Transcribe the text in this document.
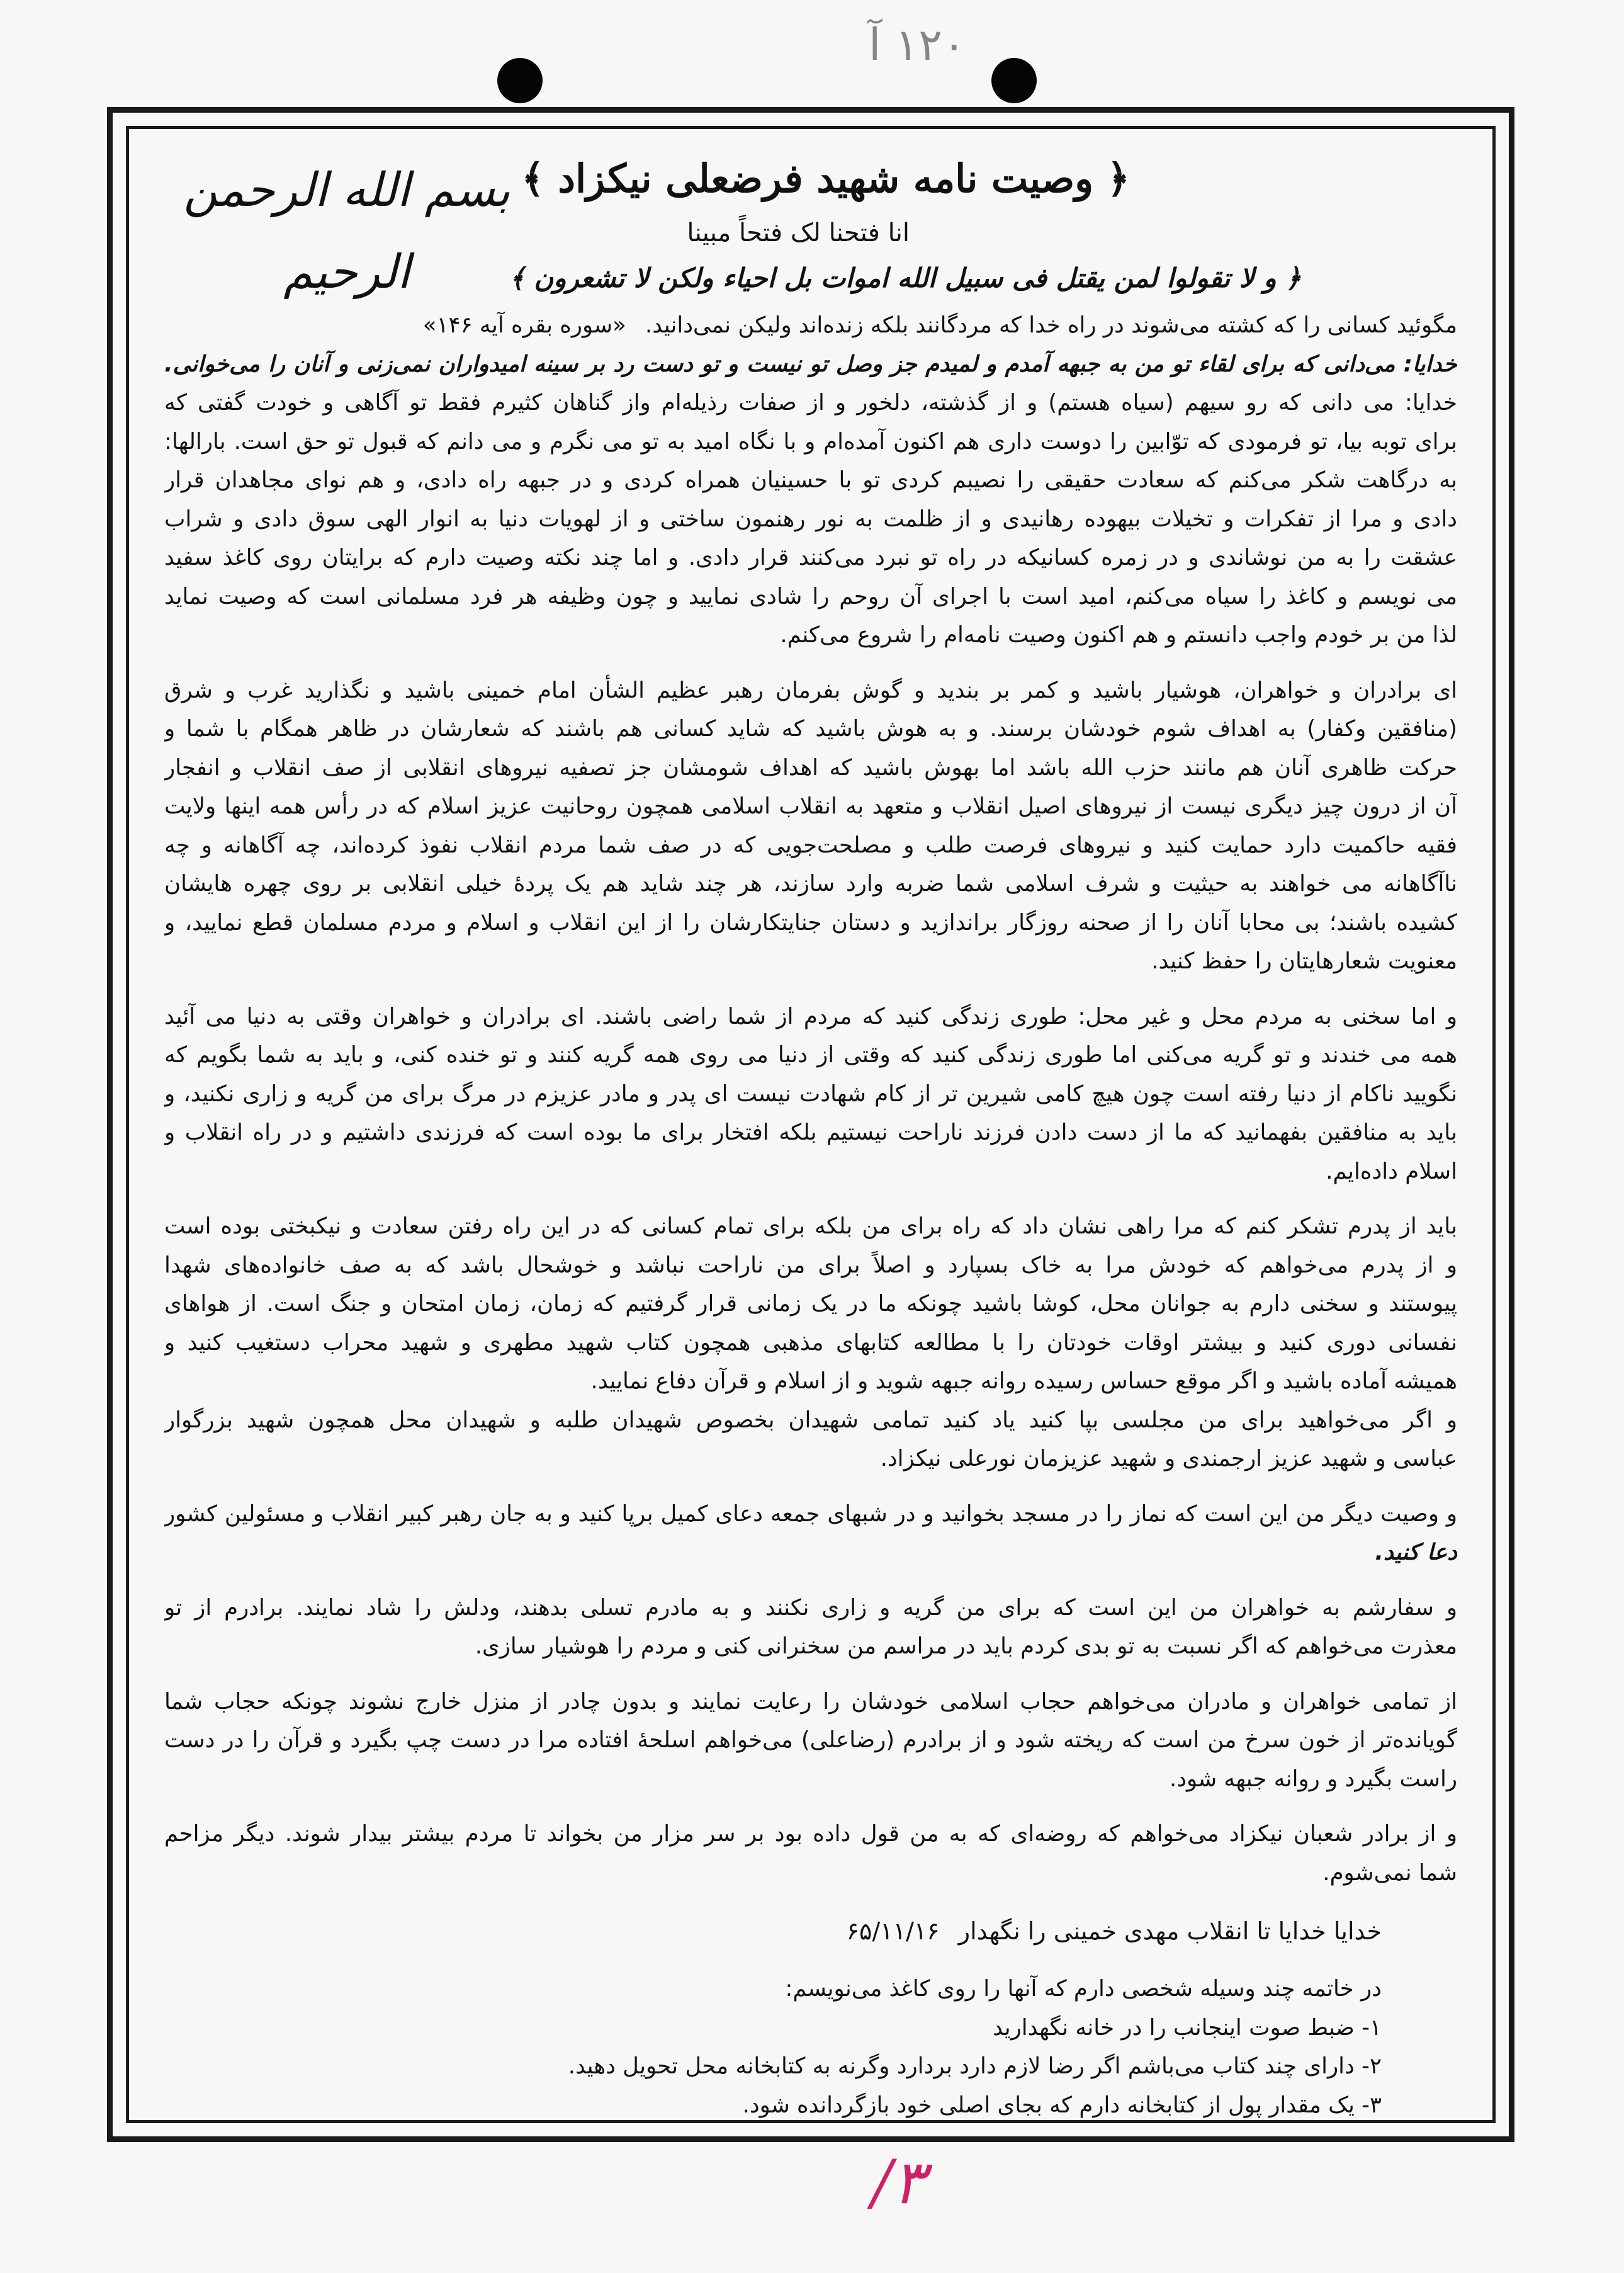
۱۲۰ آ
بسم الله الرحمن الرحیم
﴿ وصیت نامه شهید فرضعلی نیکزاد ﴾
انا فتحنا لک فتحاً مبینا
﴿ و لا تقولوا لمن یقتل فی سبیل الله اموات بل احیاء ولکن لا تشعرون ﴾
مگوئید کسانی را که کشته می‌شوند در راه خدا که مردگانند بلکه زنده‌اند ولیکن نمی‌دانید.«سوره بقره آیه ۱۴۶»
خدایا: می‌دانی که برای لقاء تو من به جبهه آمدم و لمیدم جز وصل تو نیست و تو دست رد بر سینه امیدواران نمی‌زنی و آنان را می‌خوانی.
خدایا: می دانی که رو سیهم (سیاه هستم) و از گذشته، دلخور و از صفات رذیله‌ام واز گناهان کثیرم فقط تو آگاهی و خودت گفتی که
برای توبه بیا، تو فرمودی که توّابین را دوست داری هم اکنون آمده‌ام و با نگاه امید به تو می نگرم و می دانم که قبول تو حق است. بارالها:
به درگاهت شکر می‌کنم که سعادت حقیقی را نصیبم کردی تو با حسینیان همراه کردی و در جبهه راه دادی، و هم نوای مجاهدان قرار
دادی و مرا از تفکرات و تخیلات بیهوده رهانیدی و از ظلمت به نور رهنمون ساختی و از لهویات دنیا به انوار الهی سوق دادی و شراب
عشقت را به من نوشاندی و در زمره کسانیکه در راه تو نبرد می‌کنند قرار دادی. و اما چند نکته وصیت دارم که برایتان روی کاغذ سفید
می نویسم و کاغذ را سیاه می‌کنم، امید است با اجرای آن روحم را شادی نمایید و چون وظیفه هر فرد مسلمانی است که وصیت نماید
لذا من بر خودم واجب دانستم و هم اکنون وصیت نامه‌ام را شروع می‌کنم.
ای برادران و خواهران، هوشیار باشید و کمر بر بندید و گوش بفرمان رهبر عظیم الشأن امام خمینی باشید و نگذارید غرب و شرق
(منافقین وکفار) به اهداف شوم خودشان برسند. و به هوش باشید که شاید کسانی هم باشند که شعارشان در ظاهر همگام با شما و
حرکت ظاهری آنان هم مانند حزب الله باشد اما بهوش باشید که اهداف شومشان جز تصفیه نیروهای انقلابی از صف انقلاب و انفجار
آن از درون چیز دیگری نیست از نیروهای اصیل انقلاب و متعهد به انقلاب اسلامی همچون روحانیت عزیز اسلام که در رأس همه اینها ولایت
فقیه حاکمیت دارد حمایت کنید و نیروهای فرصت طلب و مصلحت‌جویی که در صف شما مردم انقلاب نفوذ کرده‌اند، چه آگاهانه و چه
ناآگاهانه می خواهند به حیثیت و شرف اسلامی شما ضربه وارد سازند، هر چند شاید هم یک پردهٔ خیلی انقلابی بر روی چهره هایشان
کشیده باشند؛ بی محابا آنان را از صحنه روزگار براندازید و دستان جنایتکارشان را از این انقلاب و اسلام و مردم مسلمان قطع نمایید، و
معنویت شعارهایتان را حفظ کنید.
و اما سخنی به مردم محل و غیر محل: طوری زندگی کنید که مردم از شما راضی باشند. ای برادران و خواهران وقتی به دنیا می آئید
همه می خندند و تو گریه می‌کنی اما طوری زندگی کنید که وقتی از دنیا می روی همه گریه کنند و تو خنده کنی، و باید به شما بگویم که
نگویید ناکام از دنیا رفته است چون هیچ کامی شیرین تر از کام شهادت نیست ای پدر و مادر عزیزم در مرگ برای من گریه و زاری نکنید، و
باید به منافقین بفهمانید که ما از دست دادن فرزند ناراحت نیستیم بلکه افتخار برای ما بوده است که فرزندی داشتیم و در راه انقلاب و
اسلام داده‌ایم.
باید از پدرم تشکر کنم که مرا راهی نشان داد که راه برای من بلکه برای تمام کسانی که در این راه رفتن سعادت و نیکبختی بوده است
و از پدرم می‌خواهم که خودش مرا به خاک بسپارد و اصلاً برای من ناراحت نباشد و خوشحال باشد که به صف خانواده‌های شهدا
پیوستند و سخنی دارم به جوانان محل، کوشا باشید چونکه ما در یک زمانی قرار گرفتیم که زمان، زمان امتحان و جنگ است. از هواهای
نفسانی دوری کنید و بیشتر اوقات خودتان را با مطالعه کتابهای مذهبی همچون کتاب شهید مطهری و شهید محراب دستغیب کنید و
همیشه آماده باشید و اگر موقع حساس رسیده روانه جبهه شوید و از اسلام و قرآن دفاع نمایید.
و اگر می‌خواهید برای من مجلسی بپا کنید یاد کنید تمامی شهیدان بخصوص شهیدان طلبه و شهیدان محل همچون شهید بزرگوار
عباسی و شهید عزیز ارجمندی و شهید عزیزمان نورعلی نیکزاد.
و وصیت دیگر من این است که نماز را در مسجد بخوانید و در شبهای جمعه دعای کمیل برپا کنید و به جان رهبر کبیر انقلاب و مسئولین کشور
دعا کنید.
و سفارشم به خواهران من این است که برای من گریه و زاری نکنند و به مادرم تسلی بدهند، ودلش را شاد نمایند. برادرم از تو
معذرت می‌خواهم که اگر نسبت به تو بدی کردم باید در مراسم من سخنرانی کنی و مردم را هوشیار سازی.
از تمامی خواهران و مادران می‌خواهم حجاب اسلامی خودشان را رعایت نمایند و بدون چادر از منزل خارج نشوند چونکه حجاب شما
گویانده‌تر از خون سرخ من است که ریخته شود و از برادرم (رضاعلی) می‌خواهم اسلحهٔ افتاده مرا در دست چپ بگیرد و قرآن را در دست
راست بگیرد و روانه جبهه شود.
و از برادر شعبان نیکزاد می‌خواهم که روضه‌ای که به من قول داده بود بر سر مزار من بخواند تا مردم بیشتر بیدار شوند. دیگر مزاحم
شما نمی‌شوم.
خدایا خدایا تا انقلاب مهدی خمینی را نگهدار
۶۵/۱۱/۱۶
در خاتمه چند وسیله شخصی دارم که آنها را روی کاغذ می‌نویسم:
۱- ضبط صوت اینجانب را در خانه نگهدارید
۲- دارای چند کتاب می‌باشم اگر رضا لازم دارد بردارد وگرنه به کتابخانه محل تحویل دهید.
۳- یک مقدار پول از کتابخانه دارم که بجای اصلی خود بازگردانده شود.
۳/
